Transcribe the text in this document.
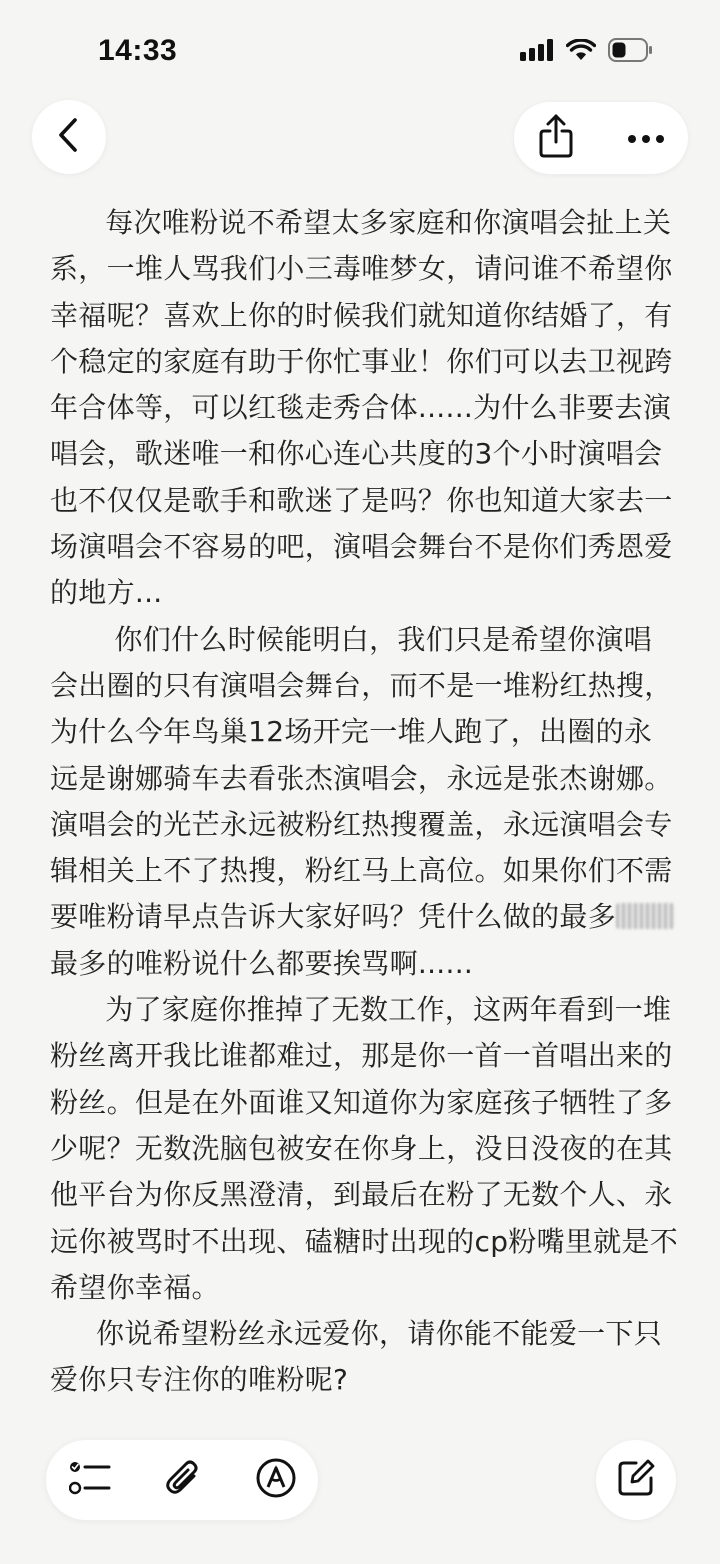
14:33

每次唯粉说不希望太多家庭和你演唱会扯上关系，一堆人骂我们小三毒唯梦女，请问谁不希望你幸福呢？喜欢上你的时候我们就知道你结婚了，有个稳定的家庭有助于你忙事业！你们可以去卫视跨年合体等，可以红毯走秀合体......为什么非要去演唱会，歌迷唯一和你心连心共度的3个小时演唱会也不仅仅是歌手和歌迷了是吗？你也知道大家去一场演唱会不容易的吧，演唱会舞台不是你们秀恩爱的地方...

你们什么时候能明白，我们只是希望你演唱会出圈的只有演唱会舞台，而不是一堆粉红热搜，为什么今年鸟巢12场开完一堆人跑了，出圈的永远是谢娜骑车去看张杰演唱会，永远是张杰谢娜。演唱会的光芒永远被粉红热搜覆盖，永远演唱会专辑相关上不了热搜，粉红马上高位。如果你们不需要唯粉请早点告诉大家好吗？凭什么做的最多最多的唯粉说什么都要挨骂啊......

为了家庭你推掉了无数工作，这两年看到一堆粉丝离开我比谁都难过，那是你一首一首唱出来的粉丝。但是在外面谁又知道你为家庭孩子牺牲了多少呢？无数洗脑包被安在你身上，没日没夜的在其他平台为你反黑澄清，到最后在粉了无数个人、永远你被骂时不出现、磕糖时出现的cp粉嘴里就是不希望你幸福。

你说希望粉丝永远爱你，请你能不能爱一下只爱你只专注你的唯粉呢?
